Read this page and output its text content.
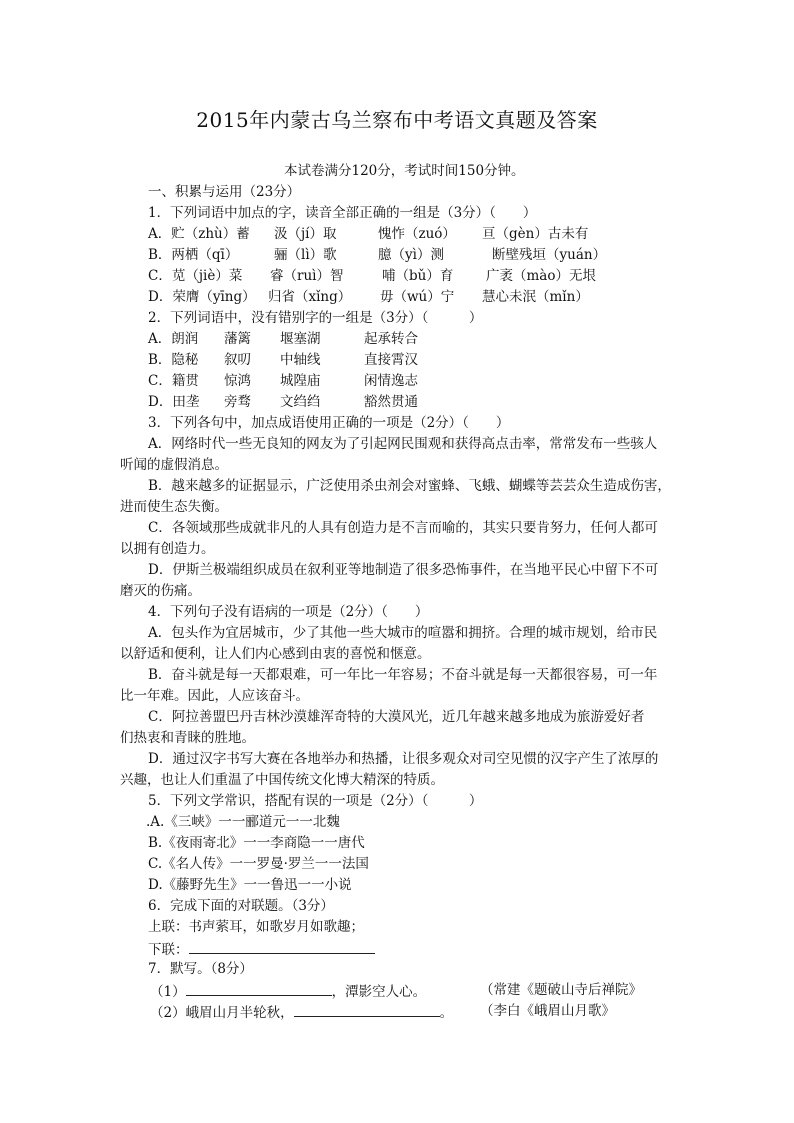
2015年内蒙古乌兰察布中考语文真题及答案
本试卷满分120分，考试时间150分钟。
一、积累与运用（23分）
1．下列词语中加点的字，读音全部正确的一组是（3分）（　　）
A．贮（zhù）蓄	汲（jí）取	愧怍（zuó）	亘（gèn）古未有
B．两栖（qī）	骊（lì）歌	臆（yì）测	断壁残垣（yuán）
C．苋（jiè）菜	睿（ruì）智	哺（bǔ）育	广袤（mào）无垠
D．荣膺（yīng） 归省（xǐng）	毋（wú）宁	慧心未泯（mǐn）
2．下列词语中，没有错别字的一组是（3分）（　　　）
A．朗润	藩篱	堰塞湖	起承转合
B．隐秘	叙叨	中轴线	直接霄汉
C．籍贯	惊鸿	城隍庙	闲情逸志
D．田垄	旁骛	文绉绉	豁然贯通
3．下列各句中，加点成语使用正确的一项是（2分）（　　）
A．网络时代一些无良知的网友为了引起网民围观和获得高点击率，常常发布一些骇人
听闻的虚假消息。
B．越来越多的证据显示，广泛使用杀虫剂会对蜜蜂、飞蛾、蝴蝶等芸芸众生造成伤害，
进而使生态失衡。
C．各领域那些成就非凡的人具有创造力是不言而喻的，其实只要肯努力，任何人都可
以拥有创造力。
D．伊斯兰极端组织成员在叙利亚等地制造了很多恐怖事件，在当地平民心中留下不可
磨灭的伤痛。
4．下列句子没有语病的一项是（2分）（　　）
A．包头作为宜居城市，少了其他一些大城市的喧嚣和拥挤。合理的城市规划，给市民
以舒适和便利，让人们内心感到由衷的喜悦和惬意。
B．奋斗就是每一天都艰难，可一年比一年容易；不奋斗就是每一天都很容易，可一年
比一年难。因此，人应该奋斗。
C．阿拉善盟巴丹吉林沙漠雄浑奇特的大漠风光，近几年越来越多地成为旅游爱好者
们热衷和青睐的胜地。
D．通过汉字书写大赛在各地举办和热播，让很多观众对司空见惯的汉字产生了浓厚的
兴趣，也让人们重温了中国传统文化博大精深的特质。
5．下列文学常识，搭配有误的一项是（2分）（　　　）
.A.《三峡》一一郦道元一一北魏
B.《夜雨寄北》一一李商隐一一唐代
C.《名人传》一一罗曼·罗兰一一法国
D.《藤野先生》一一鲁迅一一小说
6．完成下面的对联题。（3分）
上联：书声萦耳，如歌岁月如歌趣；
下联：
7．默写。（8分）
（1）	，潭影空人心。	（常建《题破山寺后禅院》
（2）峨眉山月半轮秋，	。 （李白《峨眉山月歌》
